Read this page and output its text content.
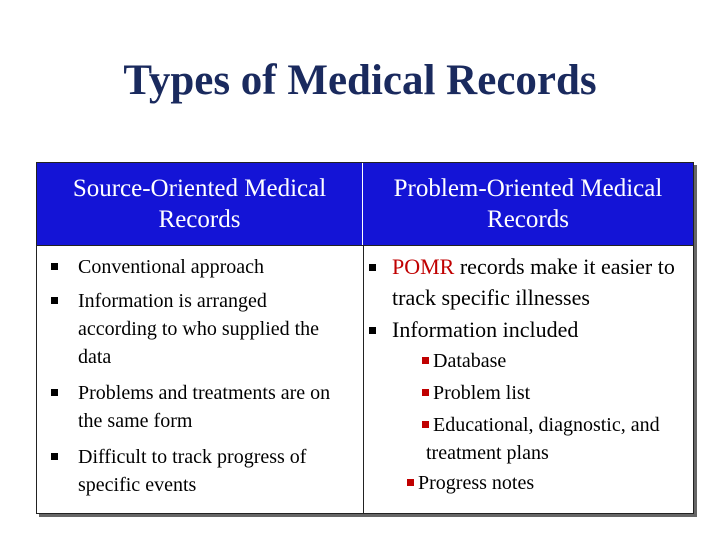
Types of Medical Records
Source-Oriented Medical Records
Problem-Oriented Medical Records
Conventional approach
Information is arranged according to who supplied the data
Problems and treatments are on the same form
Difficult to track progress of specific events
POMR records make it easier to track specific illnesses
Information included
Database
Problem list
Educational, diagnostic, and
treatment plans
Progress notes
